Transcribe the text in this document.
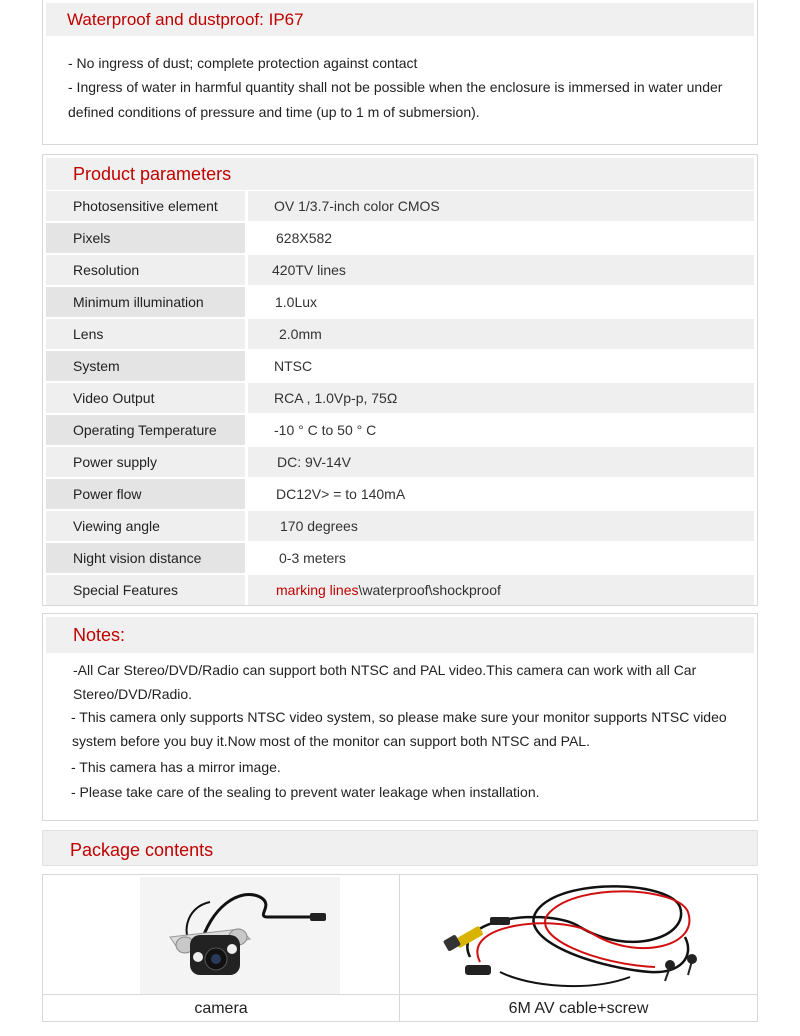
Waterproof and dustproof: IP67
- No ingress of dust; complete protection against contact
- Ingress of water in harmful quantity shall not be possible when the enclosure is immersed in water under
defined conditions of pressure and time (up to 1 m of submersion).
Product parameters
Photosensitive element	OV 1/3.7-inch color CMOS
Pixels	628X582
Resolution	420TV lines
Minimum illumination	1.0Lux
Lens	2.0mm
System	NTSC
Video Output	RCA , 1.0Vp-p, 75Ω
Operating Temperature	-10 ° C to 50 ° C
Power supply	DC: 9V-14V
Power flow	DC12V> = to 140mA
Viewing angle	170 degrees
Night vision distance	0-3 meters
Special Features	marking lines\waterproof\shockproof
Notes:
-All Car Stereo/DVD/Radio can support both NTSC and PAL video.This camera can work with all Car
Stereo/DVD/Radio.
- This camera only supports NTSC video system, so please make sure your monitor supports NTSC video
system before you buy it.Now most of the monitor can support both NTSC and PAL.
- This camera has a mirror image.
- Please take care of the sealing to prevent water leakage when installation.
Package contents
camera	6M AV cable+screw
